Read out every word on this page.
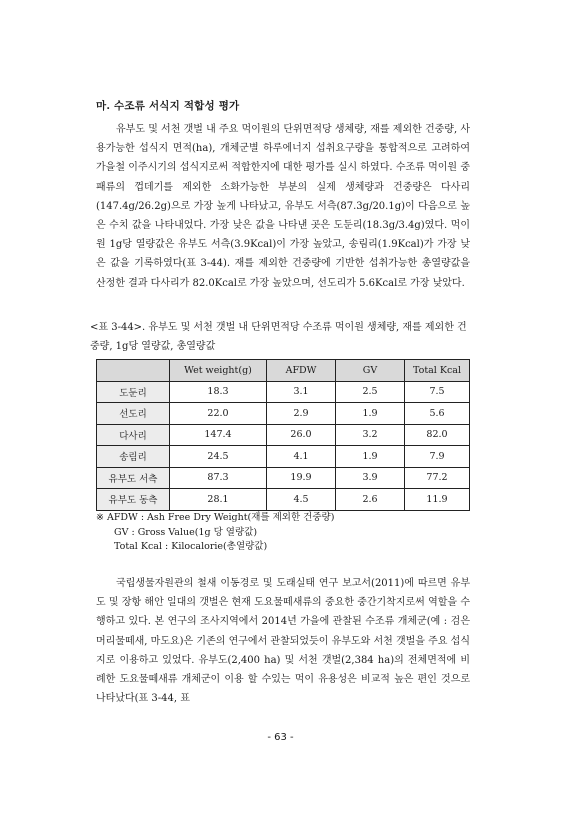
마. 수조류 서식지 적합성 평가

유부도 및 서천 갯벌 내 주요 먹이원의 단위면적당 생체량, 재를 제외한 건중량, 사용가능한 섭식지 면적(ha), 개체군별 하루에너지 섭취요구량을 통합적으로 고려하여 가을철 이주시기의 섭식지로써 적합한지에 대한 평가를 실시 하였다. 수조류 먹이원 중 패류의 껍데기를 제외한 소화가능한 부분의 실제 생체량과 건중량은 다사리(147.4g/26.2g)으로 가장 높게 나타났고, 유부도 서측(87.3g/20.1g)이 다음으로 높은 수치 값을 나타내었다. 가장 낮은 값을 나타낸 곳은 도둔리(18.3g/3.4g)였다. 먹이원 1g당 열량값은 유부도 서측(3.9Kcal)이 가장 높았고, 송림리(1.9Kcal)가 가장 낮은 값을 기록하였다(표 3-44). 재를 제외한 건중량에 기반한 섭취가능한 총열량값을 산정한 결과 다사리가 82.0Kcal로 가장 높았으며, 선도리가 5.6Kcal로 가장 낮았다.

<표 3-44>. 유부도 및 서천 갯벌 내 단위면적당 수조류 먹이원 생체량, 재를 제외한 건중량, 1g당 열량값, 총열량값

	Wet weight(g)	AFDW	GV	Total Kcal
도둔리	18.3	3.1	2.5	7.5
선도리	22.0	2.9	1.9	5.6
다사리	147.4	26.0	3.2	82.0
송림리	24.5	4.1	1.9	7.9
유부도 서측	87.3	19.9	3.9	77.2
유부도 동측	28.1	4.5	2.6	11.9
※ AFDW : Ash Free Dry Weight(재를 제외한 건중량)
GV : Gross Value(1g 당 열량값)
Total Kcal : Kilocalorie(총열량값)

국립생물자원관의 철새 이동경로 및 도래실태 연구 보고서(2011)에 따르면 유부도 및 장항 해안 일대의 갯벌은 현재 도요물떼새류의 중요한 중간기착지로써 역할을 수행하고 있다. 본 연구의 조사지역에서 2014년 가을에 관찰된 수조류 개체군(예 : 검은머리물떼새, 마도요)은 기존의 연구에서 관찰되었듯이 유부도와 서천 갯벌을 주요 섭식지로 이용하고 있었다. 유부도(2,400 ha) 및 서천 갯벌(2,384 ha)의 전체면적에 비례한 도요물떼새류 개체군이 이용 할 수있는 먹이 유용성은 비교적 높은 편인 것으로 나타났다(표 3-44, 표

- 63 -
